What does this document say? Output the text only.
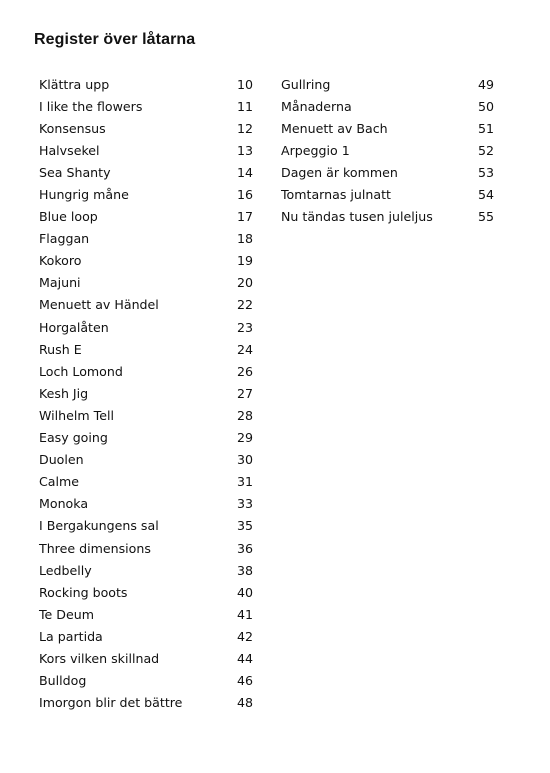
Register över låtarna
Klättra upp	10
I like the flowers	11
Konsensus	12
Halvsekel	13
Sea Shanty	14
Hungrig måne	16
Blue loop	17
Flaggan	18
Kokoro	19
Majuni	20
Menuett av Händel	22
Horgalåten	23
Rush E	24
Loch Lomond	26
Kesh Jig	27
Wilhelm Tell	28
Easy going	29
Duolen	30
Calme	31
Monoka	33
I Bergakungens sal	35
Three dimensions	36
Ledbelly	38
Rocking boots	40
Te Deum	41
La partida	42
Kors vilken skillnad	44
Bulldog	46
Imorgon blir det bättre	48
Gullring	49
Månaderna	50
Menuett av Bach	51
Arpeggio 1	52
Dagen är kommen	53
Tomtarnas julnatt	54
Nu tändas tusen juleljus	55
